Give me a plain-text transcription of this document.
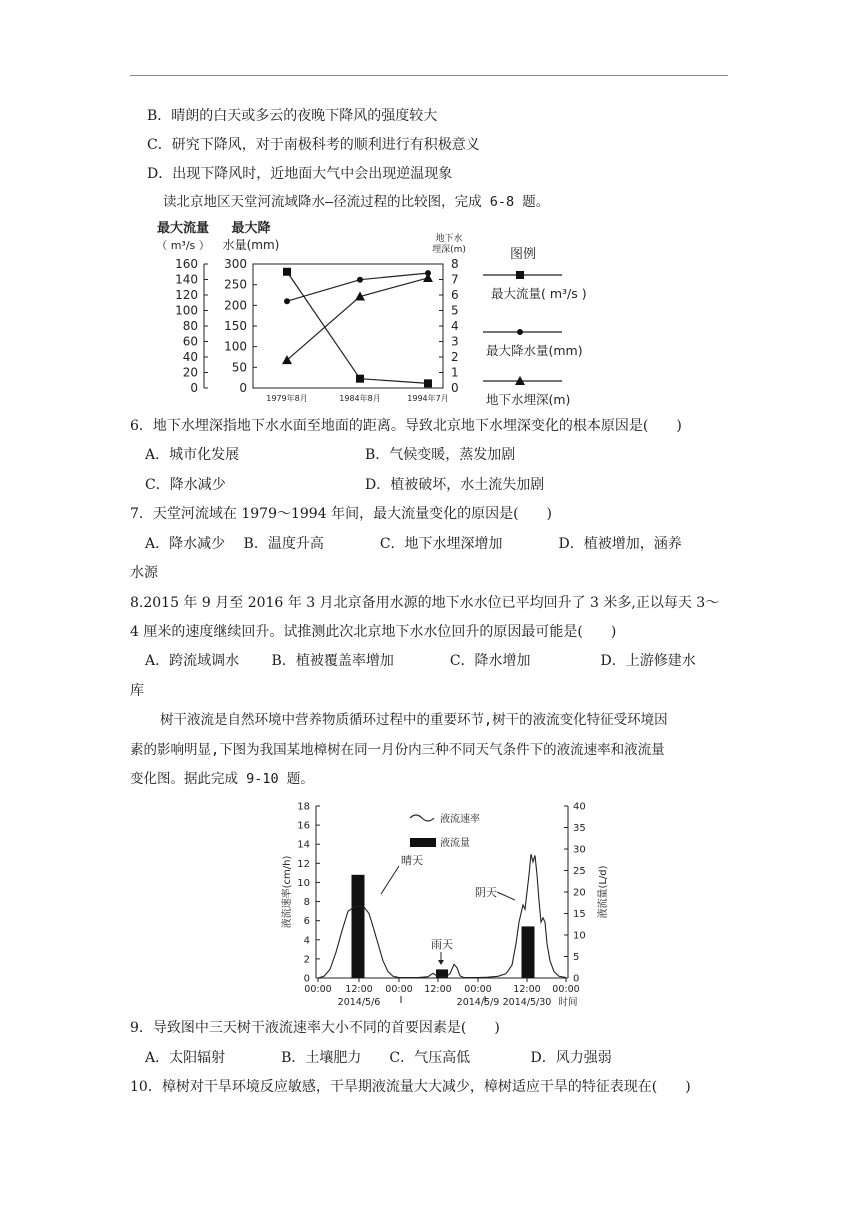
B．晴朗的白天或多云的夜晚下降风的强度较大
C．研究下降风，对于南极科考的顺利进行有积极意义
D．出现下降风时，近地面大气中会出现逆温现象
读北京地区天堂河流域降水—径流过程的比较图，完成 6-8 题。
0
20
40
60
80
100
120
140
160
0
50
100
150
200
250
300
0
1
2
3
4
5
6
7
8
1979年8月	1984年8月	1994年7月
最大流量
（ m³/s ）
最大降
水量(mm)	地下水
埋深(m)	图例
最大流量( m³/s )
最大降水量(mm)
地下水埋深(m)
6．地下水埋深指地下水水面至地面的距离。导致北京地下水埋深变化的根本原因是(　　)
A．城市化发展	B．气候变暖，蒸发加剧
C．降水减少	D．植被破坏，水土流失加剧
7．天堂河流域在 1979～1994 年间，最大流量变化的原因是(　　)
A．降水减少　 B．温度升高　　　　C．地下水埋深增加　　　　D．植被增加，涵养
水源
8.2015 年 9 月至 2016 年 3 月北京备用水源的地下水水位已平均回升了 3 米多,正以每天 3～
4 厘米的速度继续回升。试推测此次北京地下水水位回升的原因最可能是(　　)
A．跨流域调水　　 B．植被覆盖率增加　　　　C．降水增加　　　　　D．上游修建水
库
树干液流是自然环境中营养物质循环过程中的重要环节,树干的液流变化特征受环境因
素的影响明显,下图为我国某地樟树在同一月份内三种不同天气条件下的液流速率和液流量
变化图。据此完成 9-10 题。
0
2
4
6
8
10
12
14
16
18
0
5
10
15
20
25
30
35
40
00:00 12:00 00:00 12:00 00:00 12:00 00:00
2014/5/6	2014/5/9 2014/5/30 时间
液流速率(cm/h)	液流量(L/d)
液流速率
液流量
晴天
雨天
阴天
9．导致图中三天树干液流速率大小不同的首要因素是(　　)
A．太阳辐射　　　　B．土壤肥力　　C．气压高低　　　　 D．风力强弱
10．樟树对干旱环境反应敏感，干旱期液流量大大减少，樟树适应干旱的特征表现在(　　)
